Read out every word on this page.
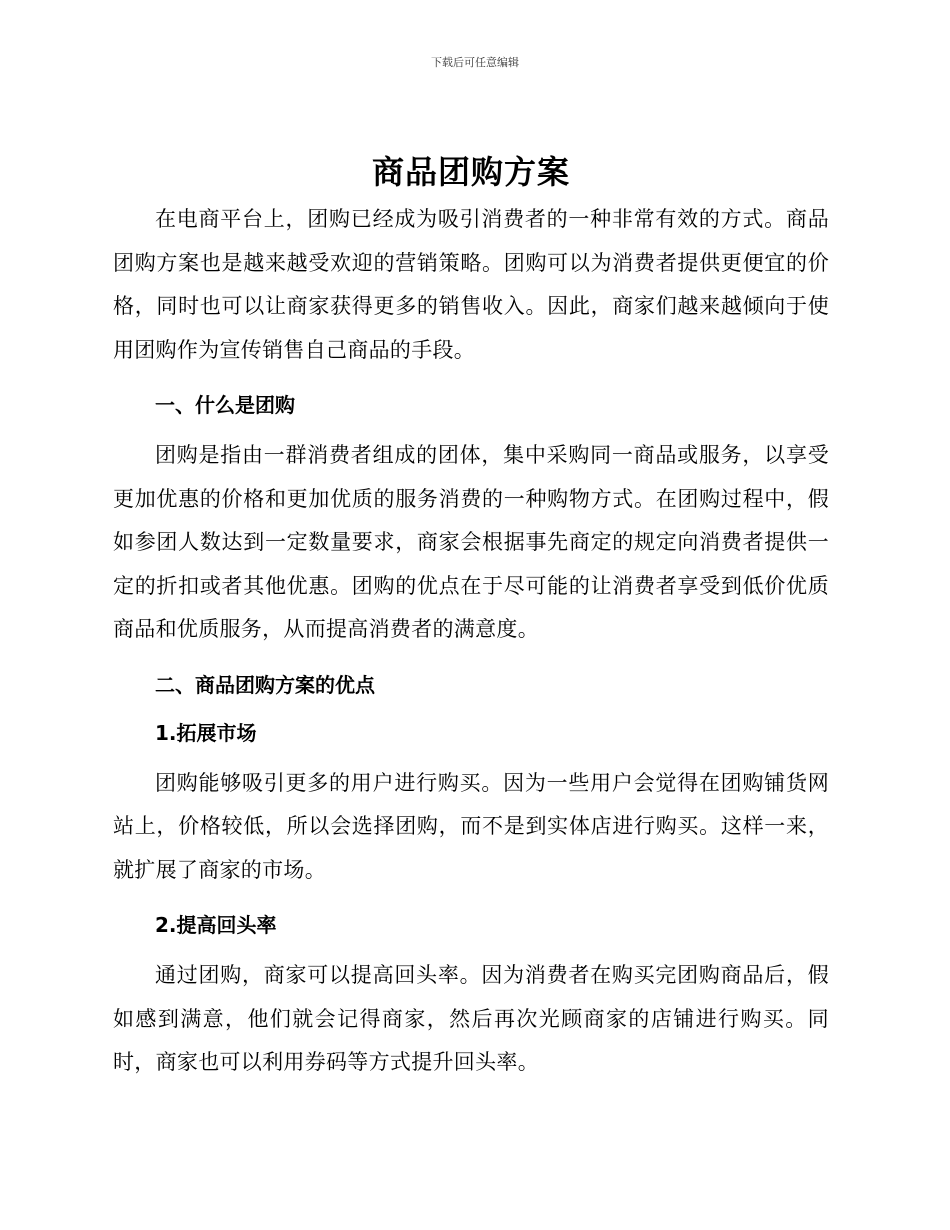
下载后可任意编辑
商品团购方案

在电商平台上，团购已经成为吸引消费者的一种非常有效的方式。商品团购方案也是越来越受欢迎的营销策略。团购可以为消费者提供更便宜的价格，同时也可以让商家获得更多的销售收入。因此，商家们越来越倾向于使用团购作为宣传销售自己商品的手段。

一、什么是团购

团购是指由一群消费者组成的团体，集中采购同一商品或服务，以享受更加优惠的价格和更加优质的服务消费的一种购物方式。在团购过程中，假如参团人数达到一定数量要求，商家会根据事先商定的规定向消费者提供一定的折扣或者其他优惠。团购的优点在于尽可能的让消费者享受到低价优质商品和优质服务，从而提高消费者的满意度。

二、商品团购方案的优点
1.拓展市场

团购能够吸引更多的用户进行购买。因为一些用户会觉得在团购铺货网站上，价格较低，所以会选择团购，而不是到实体店进行购买。这样一来，就扩展了商家的市场。

2.提高回头率

通过团购，商家可以提高回头率。因为消费者在购买完团购商品后，假如感到满意，他们就会记得商家，然后再次光顾商家的店铺进行购买。同时，商家也可以利用券码等方式提升回头率。
